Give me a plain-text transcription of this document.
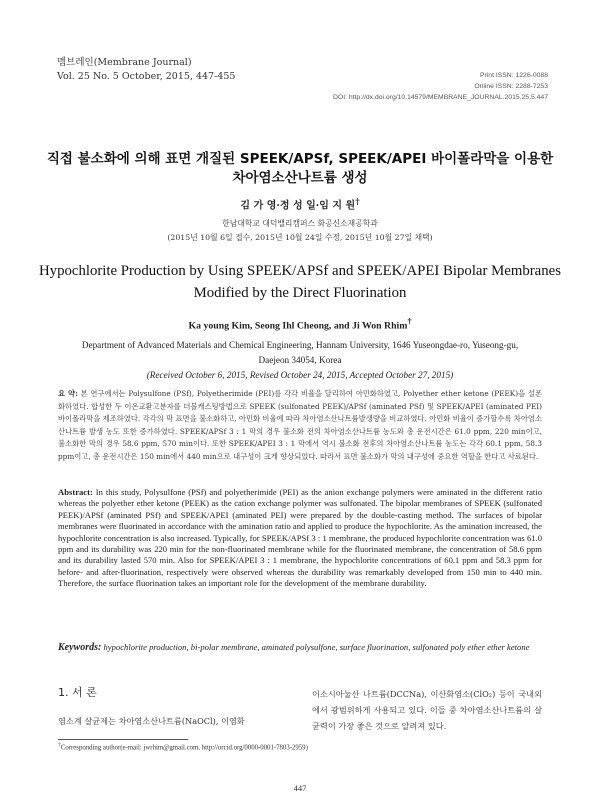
멤브레인(Membrane Journal)
Vol. 25 No. 5 October, 2015, 447-455	Print ISSN: 1226-0088
Online ISSN: 2288-7253
DOI: http://dx.doi.org/10.14579/MEMBRANE_JOURNAL.2015.25.5.447
직접 불소화에 의해 표면 개질된 SPEEK/APSf, SPEEK/APEI 바이폴라막을 이용한
차아염소산나트륨 생성
김 가 영·정 성 일·임 지 원†
한남대학교 대덕밸리캠퍼스 화공신소재공학과
(2015년 10월 6일 접수, 2015년 10월 24일 수정, 2015년 10월 27일 채택)
Hypochlorite Production by Using SPEEK/APSf and SPEEK/APEI Bipolar Membranes
Modified by the Direct Fluorination
Ka young Kim, Seong Ihl Cheong, and Ji Won Rhim†
Department of Advanced Materials and Chemical Engineering, Hannam University, 1646 Yuseongdae-ro, Yuseong-gu,
Daejeon 34054, Korea
(Received October 6, 2015, Revised October 24, 2015, Accepted October 27, 2015)
요 약: 본 연구에서는 Polysulfone (PSf), Polyetherimide (PEI)를 각각 비율을 달리하여 아민화하였고, Polyether ether ketone (PEEK)을 설폰화하였다. 합성한 두 이온교환고분자를 더블캐스팅방법으로 SPEEK (sulfonated PEEK)/APSf (aminated PSf) 및 SPEEK/APEI (aminated PEI) 바이폴라막을 제조하였다. 각각의 막 표면을 불소화하고, 아민화 비율에 따라 차아염소산나트륨발생량을 비교하였다. 아민화 비율이 증가할수록 차아염소산나트륨 발생 농도 또한 증가하였다. SPEEK/APSf 3 : 1 막의 경우 불소화 전의 차아염소산나트륨 농도와 총 운전시간은 61.0 ppm, 220 min이고, 불소화한 막의 경우 58.6 ppm, 570 min이다. 또한 SPEEK/APEI 3 : 1 막에서 역시 불소화 전후의 차아염소산나트륨 농도는 각각 60.1 ppm, 58.3 ppm이고, 총 운전시간은 150 min에서 440 min으로 내구성이 크게 향상되었다. 따라서 표면 불소화가 막의 내구성에 중요한 역할을 한다고 사료된다.
Abstract: In this study, Polysulfone (PSf) and polyetherimide (PEI) as the anion exchange polymers were aminated in the different ratio whereas the polyether ether ketone (PEEK) as the cation exchange polymer was sulfonated. The bipolar membranes of SPEEK (sulfonated PEEK)/APSf (aminated PSf) and SPEEK/APEI (aminated PEI) were prepared by the double-casting method. The surfaces of bipolar membranes were fluorinated in accordance with the amination ratio and applied to produce the hypochlorite. As the amination increased, the hypochlorite concentration is also increased. Typically, for SPEEK/APSf 3 : 1 membrane, the produced hypochlorite concentration was 61.0 ppm and its durability was 220 min for the non-fluorinated membrane while for the fluorinated membrane, the concentration of 58.6 ppm and its durability lasted 570 min. Also for SPEEK/APEI 3 : 1 membrane, the hypochlorite concentrations of 60.1 ppm and 58.3 ppm for before- and after-fluorination, respectively were observed whereas the durability was remarkably developed from 150 min to 440 min. Therefore, the surface fluorination takes an important role for the development of the membrane durability.
Keywords: hypochlorite production, bi-polar membrane, aminated polysulfone, surface fluorination, sulfonated poly ether ether ketone
1. 서 론
염소계 살균제는 차아염소산나트륨(NaOCl), 이염화
이소시아눌산 나트륨(DCCNa), 이산화염소(ClO₂) 등이 국내외에서 광범위하게 사용되고 있다. 이들 중 차아염소산나트륨의 살균력이 가장 좋은 것으로 알려져 있다.
†Corresponding author(e-mail: jwrhim@gmail.com, http://orcid.org/0000-0001-7803-2959)
447
